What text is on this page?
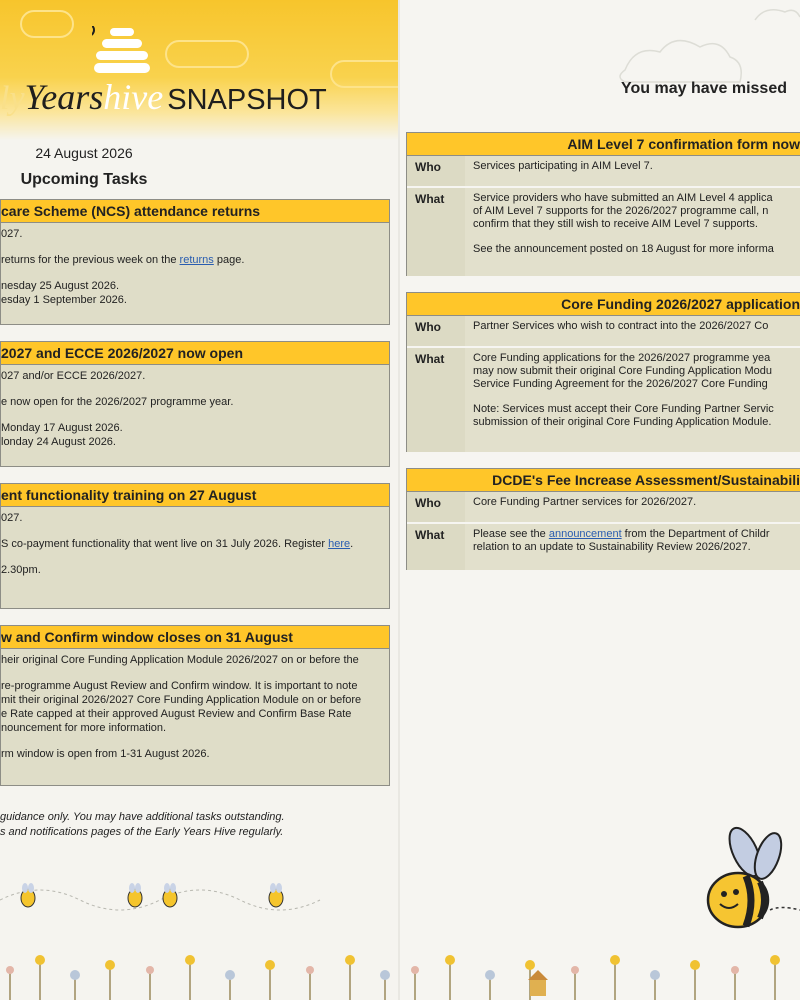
ly Years hive SNAPSHOT
24 August 2026
Upcoming Tasks
care Scheme (NCS) attendance returns

027.

returns for the previous week on the returns page.

nesday 25 August 2026.

esday 1 September 2026.

2027 and ECCE 2026/2027 now open

027 and/or ECCE 2026/2027.

e now open for the 2026/2027 programme year.

Monday 17 August 2026.

londay 24 August 2026.

ent functionality training on 27 August

027.

S co-payment functionality that went live on 31 July 2026. Register here.

2.30pm.

w and Confirm window closes on 31 August

heir original Core Funding Application Module 2026/2027 on or before the

re-programme August Review and Confirm window. It is important to note

mit their original 2026/2027 Core Funding Application Module on or before

e Rate capped at their approved August Review and Confirm Base Rate

nouncement for more information.

rm window is open from 1-31 August 2026.

guidance only. You may have additional tasks outstanding.
s and notifications pages of the Early Years Hive regularly.
You may have missed
AIM Level 7 confirmation form now
Who	Services participating in AIM Level 7.

What	Service providers who have submitted an AIM Level 4 applica

of AIM Level 7 supports for the 2026/2027 programme call, n

confirm that they still wish to receive AIM Level 7 supports.

See the announcement posted on 18 August for more informa

Core Funding 2026/2027 application
Who	Partner Services who wish to contract into the 2026/2027 Co

What	Core Funding applications for the 2026/2027 programme yea

may now submit their original Core Funding Application Modu

Service Funding Agreement for the 2026/2027 Core Funding

Note: Services must accept their Core Funding Partner Servic

submission of their original Core Funding Application Module.

DCDE's Fee Increase Assessment/Sustainabili
Who	Core Funding Partner services for 2026/2027.

What	Please see the announcement from the Department of Childr

relation to an update to Sustainability Review 2026/2027.
